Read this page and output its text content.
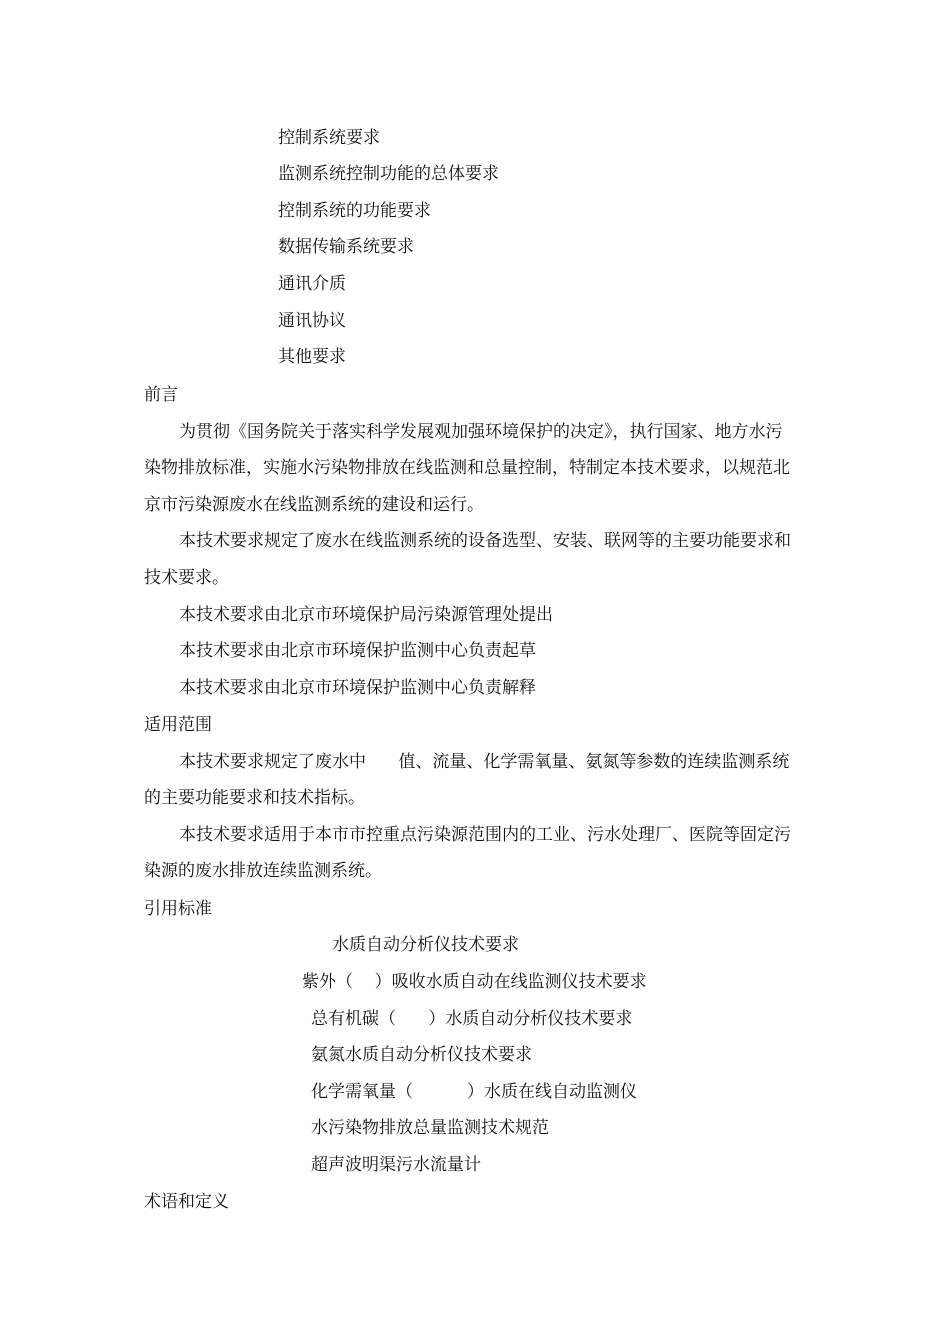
控制系统要求
监测系统控制功能的总体要求
控制系统的功能要求
数据传输系统要求
通讯介质
通讯协议
其他要求
前言
为贯彻《国务院关于落实科学发展观加强环境保护的决定》，执行国家、地方水污
染物排放标准，实施水污染物排放在线监测和总量控制，特制定本技术要求，以规范北
京市污染源废水在线监测系统的建设和运行。
本技术要求规定了废水在线监测系统的设备选型、安装、联网等的主要功能要求和
技术要求。
本技术要求由北京市环境保护局污染源管理处提出
本技术要求由北京市环境保护监测中心负责起草
本技术要求由北京市环境保护监测中心负责解释
适用范围
本技术要求规定了废水中      值、流量、化学需氧量、氨氮等参数的连续监测系统
的主要功能要求和技术指标。
本技术要求适用于本市市控重点污染源范围内的工业、污水处理厂、医院等固定污
染源的废水排放连续监测系统。
引用标准
水质自动分析仪技术要求
紫外（    ）吸收水质自动在线监测仪技术要求
总有机碳（      ）水质自动分析仪技术要求
氨氮水质自动分析仪技术要求
化学需氧量（          ）水质在线自动监测仪
水污染物排放总量监测技术规范
超声波明渠污水流量计
术语和定义
